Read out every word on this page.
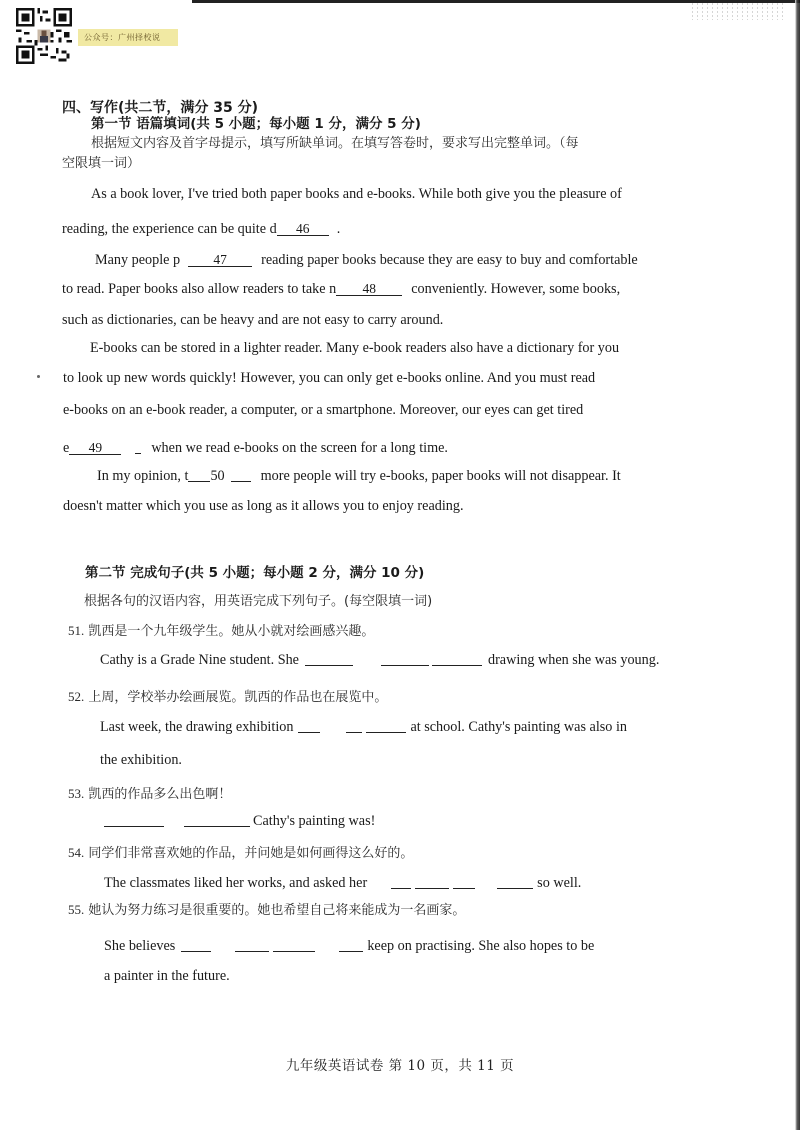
公众号：广州择校说
四、写作(共二节，满分 35 分)
第一节 语篇填词(共 5 小题；每小题 1 分，满分 5 分)
根据短文内容及首字母提示，填写所缺单词。在填写答卷时，要求写出完整单词。（每
空限填一词）
As a book lover, I've tried both paper books and e-books. While both give you the pleasure of
reading, the experience can be quite d 46 .
Many people p 47 reading paper books because they are easy to buy and comfortable
to read. Paper books also allow readers to take n 48 conveniently. However, some books,
such as dictionaries, can be heavy and are not easy to carry around.
E-books can be stored in a lighter reader. Many e-book readers also have a dictionary for you
to look up new words quickly! However, you can only get e-books online. And you must read
e-books on an e-book reader, a computer, or a smartphone. Moreover, our eyes can get tired
e 49	when we read e-books on the screen for a long time.
In my opinion, t 50	more people will try e-books, paper books will not disappear. It
doesn't matter which you use as long as it allows you to enjoy reading.
第二节 完成句子(共 5 小题；每小题 2 分，满分 10 分)
根据各句的汉语内容，用英语完成下列句子。(每空限填一词)
51. 凯西是一个九年级学生。她从小就对绘画感兴趣。
Cathy is a Grade Nine student. She	drawing when she was young.
52. 上周，学校举办绘画展览。凯西的作品也在展览中。
Last week, the drawing exhibition	at school. Cathy's painting was also in
the exhibition.
53. 凯西的作品多么出色啊！
Cathy's painting was!
54. 同学们非常喜欢她的作品，并问她是如何画得这么好的。
The classmates liked her works, and asked her	so well.
55. 她认为努力练习是很重要的。她也希望自己将来能成为一名画家。
She believes	keep on practising. She also hopes to be
a painter in the future.
九年级英语试卷 第 10 页，共 11 页
